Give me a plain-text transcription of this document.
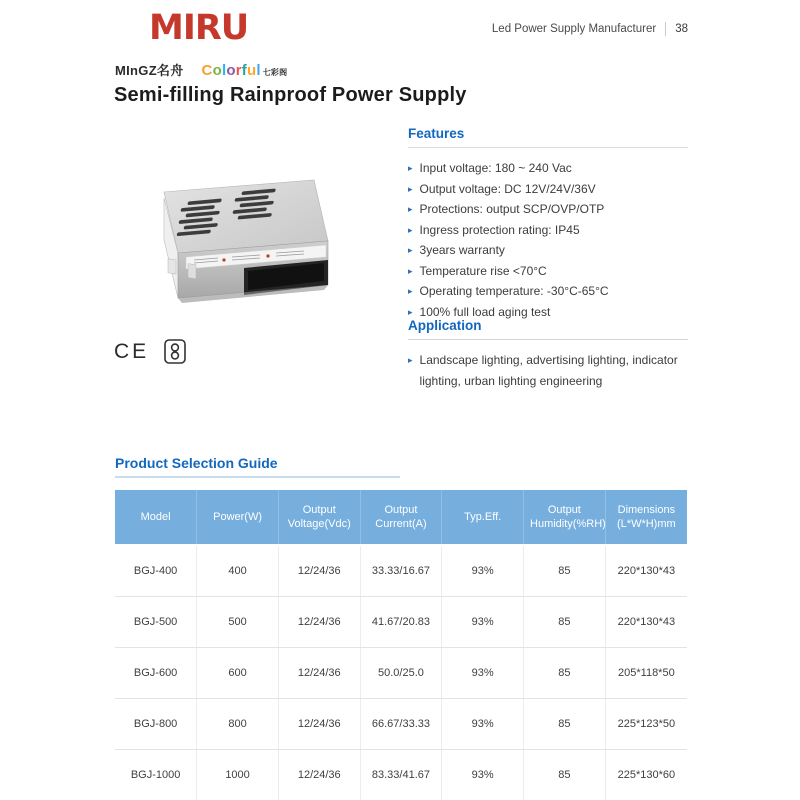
MIRU	Led Power Supply Manufacturer 38
MInGZ名舟 Colorful 七彩阁
Semi-filling Rainproof Power Supply
CE
Features
▸ Input voltage: 180 ~ 240 Vac
▸ Output voltage: DC 12V/24V/36V
▸ Protections: output SCP/OVP/OTP
▸ Ingress protection rating: IP45
▸ 3years warranty
▸ Temperature rise <70°C
▸ Operating temperature: -30°C-65°C
▸ 100% full load aging test
Application
▸ Landscape lighting, advertising lighting, indicator lighting, urban lighting engineering
Product Selection Guide
Model	Power(W)	Output Voltage(Vdc)	Output Current(A)	Typ.Eff.	Output Humidity(%RH)	Dimensions (L*W*H)mm
BGJ-400	400	12/24/36	33.33/16.67	93%	85	220*130*43
BGJ-500	500	12/24/36	41.67/20.83	93%	85	220*130*43
BGJ-600	600	12/24/36	50.0/25.0	93%	85	205*118*50
BGJ-800	800	12/24/36	66.67/33.33	93%	85	225*123*50
BGJ-1000	1000	12/24/36	83.33/41.67	93%	85	225*130*60
